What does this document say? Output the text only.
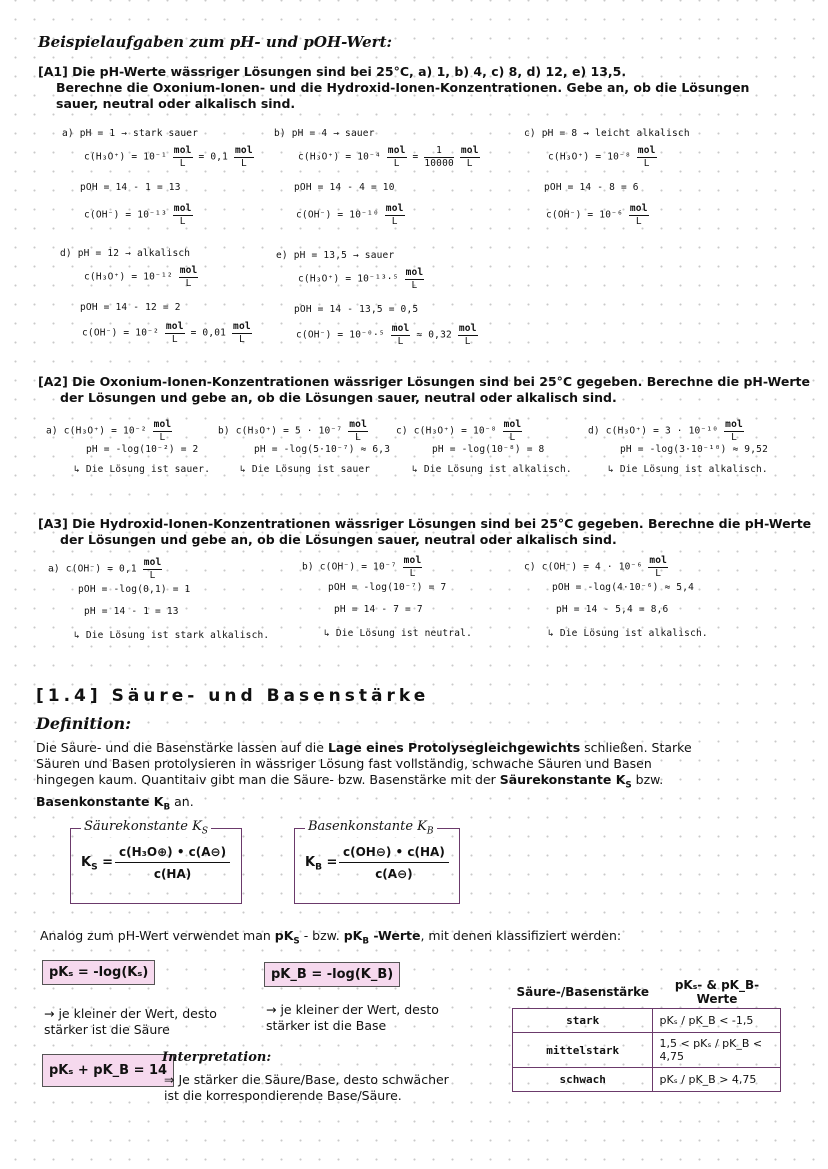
Beispielaufgaben zum pH- und pOH-Wert:
[A1] Die pH-Werte wässriger Lösungen sind bei 25°C, a) 1, b) 4, c) 8, d) 12, e) 13,5.
Berechne die Oxonium-Ionen- und die Hydroxid-Ionen-Konzentrationen. Gebe an, ob die Lösungen
sauer, neutral oder alkalisch sind.
a) pH = 1 → stark sauer
$c(H_3O^+) = 10^{-1} \frac{\text{mol}}{L} = 0,1 \frac{\text{mol}}{L}$
pOH = 14 - 1 = 13
$c(OH^-) = 10^{-13} \frac{\text{mol}}{L}$
b) pH = 4 → sauer
$c(H_3O^+) = 10^{-4} \frac{\text{mol}}{L} = \frac{1}{10000}$
$\frac{\text{mol}}{L}$
pOH = 14 - 4 = 10
$c(OH^-) = 10^{-10} \frac{\text{mol}}{L}$
c) pH = 8 → leicht alkalisch
$c(H_3O^+) = 10^{-8} \frac{\text{mol}}{L}$
pOH = 14 - 8 = 6
$c(OH^-) = 10^{-6} \frac{\text{mol}}{L}$
d) pH = 12 → alkalisch
$c(H_3O^+) = 10^{-12} \frac{\text{mol}}{L}$
pOH = 14 - 12 = 2
$c(OH^-) = 10^{-2} \frac{\text{mol}}{L} = 0,01 \frac{\text{mol}}{L}$
e) pH = 13,5 → sauer
$c(H_3O^+) = 10^{-13}\cdot^5 \frac{\text{mol}}{L}$
pOH = 14 - 13,5 = 0,5
$c(OH^-) = 10^{-0}\cdot^5 \frac{\text{mol}}{L} \approx 0,32 \frac{\text{mol}}{L}$
[A2] Die Oxonium-Ionen-Konzentrationen wässriger Lösungen sind bei 25°C gegeben. Berechne die pH-Werte
der Lösungen und gebe an, ob die Lösungen sauer, neutral oder alkalisch sind.
a) $c(H_3O^+) = 10^{-2} \frac{\text{mol}}{L}$
pH = -log(10⁻²) = 2
↳ Die Lösung ist sauer.
b) $c(H_3O^+) = 5 \cdot 10^{-7} \frac{\text{mol}}{L}$
pH = -log(5·10⁻⁷) ≈ 6,3
↳ Die Lösung ist sauer
c) $c(H_3O^+) = 10^{-8} \frac{\text{mol}}{L}$
pH = -log(10⁻⁸) = 8
↳ Die Lösung ist alkalisch.
d) $c(H_3O^+) = 3 \cdot 10^{-10} \frac{\text{mol}}{L}$
pH = -log(3·10⁻¹⁰) ≈ 9,52
↳ Die Lösung ist alkalisch.
[A3] Die Hydroxid-Ionen-Konzentrationen wässriger Lösungen sind bei 25°C gegeben. Berechne die pH-Werte
der Lösungen und gebe an, ob die Lösungen sauer, neutral oder alkalisch sind.
a) $c(OH^-) = 0,1 \frac{\text{mol}}{L}$
pOH = -log(0,1) = 1
pH = 14 - 1 = 13
↳ Die Lösung ist stark alkalisch.
b) $c(OH^-) = 10^{-7} \frac{\text{mol}}{L}$
pOH = -log(10⁻⁷) = 7
pH = 14 - 7 = 7
↳ Die Lösung ist neutral.
c) $c(OH^-) = 4 \cdot 10^{-6} \frac{\text{mol}}{L}$
pOH = -log(4·10⁻⁶) ≈ 5,4
pH = 14 - 5,4 = 8,6
↳ Die Lösung ist alkalisch.
[1.4] Säure- und Basenstärke
Definition:
Die Säure- und die Basenstärke lassen auf die Lage eines Protolysegleichgewichts schließen. Starke
Säuren und Basen protolysieren in wässriger Lösung fast vollständig, schwache Säuren und Basen
hingegen kaum. Quantitaiv gibt man die Säure- bzw. Basenstärke mit der Säurekonstante $K_S$ bzw.
Basenkonstante $K_B$ an.
Säurekonstante $K_S$
$K_S$ =
c(H₃O⊕) • c(A⊖)
c(HA)
Basenkonstante $K_B$
$K_B$ =
c(OH⊖) • c(HA)
c(A⊖)
Analog zum pH-Wert verwendet man $pK_S$ - bzw. $pK_B$ -Werte, mit denen klassifiziert werden:
pKₛ = -log(Kₛ)
→ je kleiner der Wert, desto
stärker ist die Säure
pK_B = -log(K_B)
→ je kleiner der Wert, desto
stärker ist die Base
pKₛ + pK_B = 14
Interpretation:
⇒ Je stärker die Säure/Base, desto schwächer
ist die korrespondierende Base/Säure.
Säure-/Basenstärke	pKₛ- & pK_B- Werte
stark	pKₛ / pK_B < -1,5
mittelstark	1,5 < pKₛ / pK_B < 4,75
schwach	pKₛ / pK_B > 4,75
